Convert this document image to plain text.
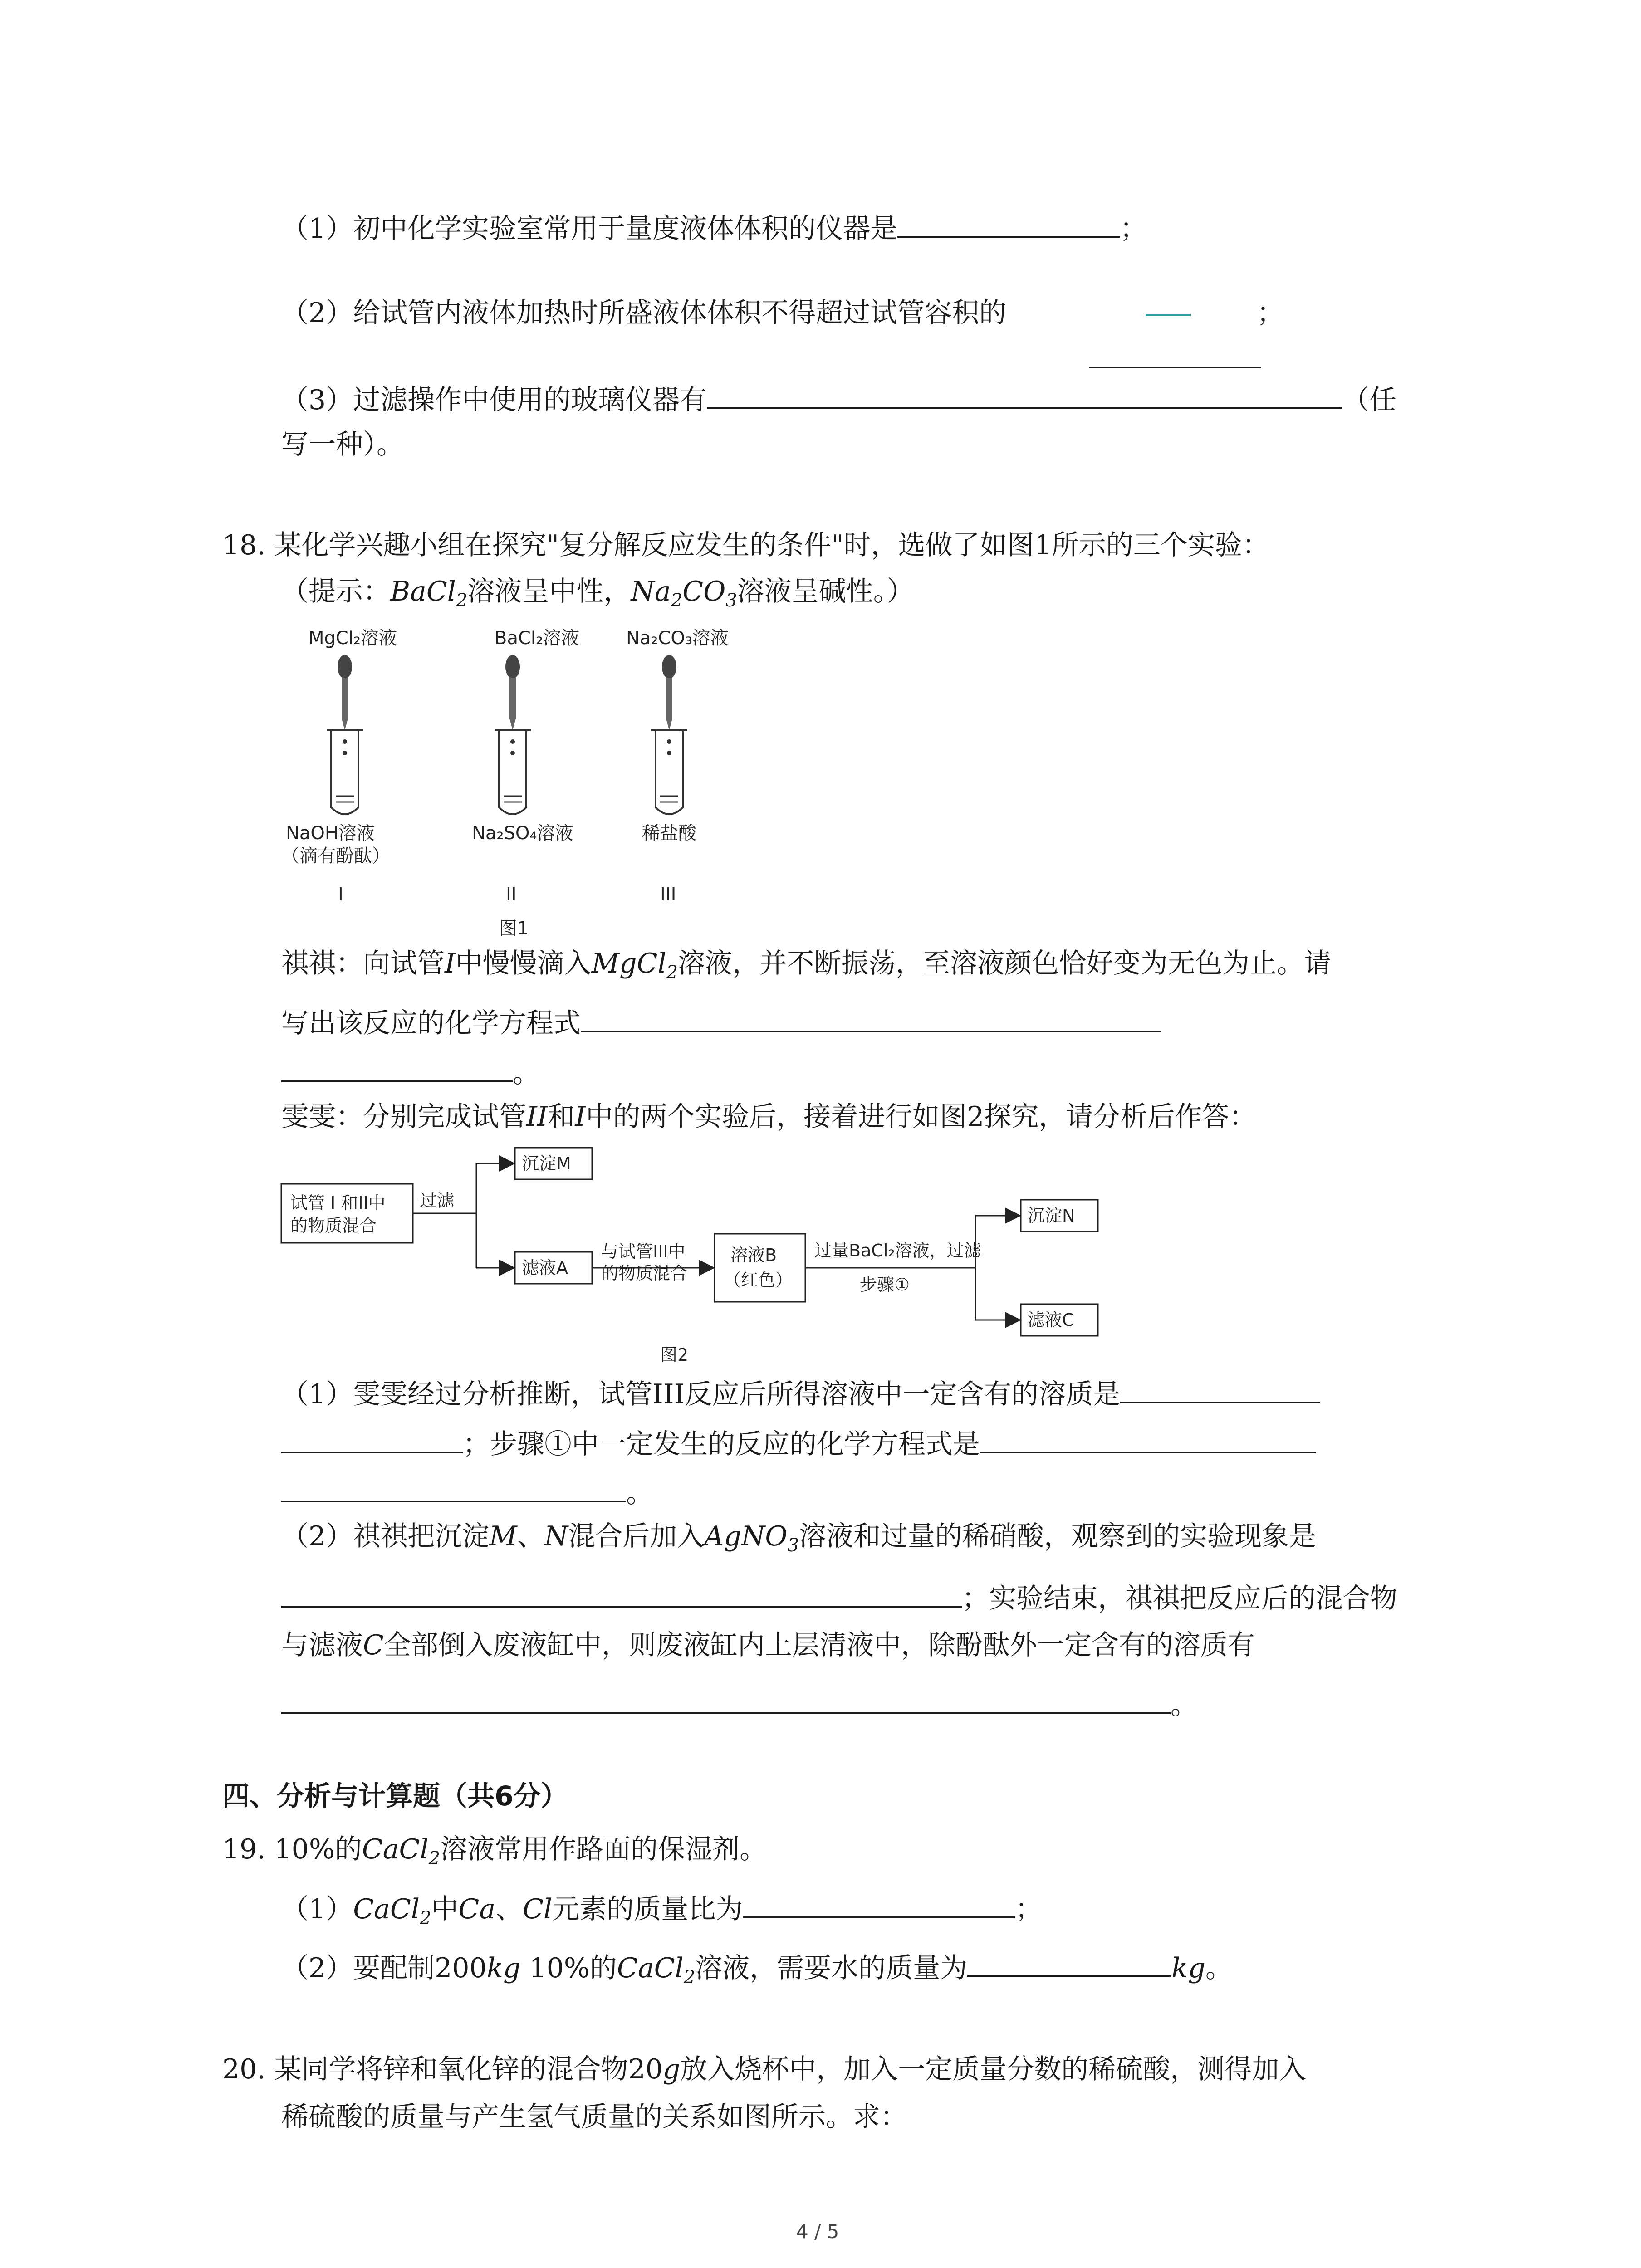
（1）初中化学实验室常用于量度液体体积的仪器是	；
（2）给试管内液体加热时所盛液体体积不得超过试管容积的	；
（3）过滤操作中使用的玻璃仪器有	（任
写一种）。
18. 某化学兴趣小组在探究"复分解反应发生的条件"时，选做了如图1所示的三个实验：
（提示：BaCl$_2$溶液呈中性，$Na_2CO_3$溶液呈碱性。）
MgCl₂溶液	BaCl₂溶液	Na₂CO₃溶液
NaOH溶液
（滴有酚酞）
Na₂SO₄溶液	稀盐酸
I	II	III
图1
祺祺：向试管I中慢慢滴入MgCl$_2$溶液，并不断振荡，至溶液颜色恰好变为无色为止。请
写出该反应的化学方程式
。
雯雯：分别完成试管II和I中的两个实验后，接着进行如图2探究，请分析后作答：
试管 I 和II中
的物质混合
过滤
沉淀M
滤液A
与试管III中
的物质混合
溶液B
（红色）
过量BaCl₂溶液，过滤
步骤①
沉淀N
滤液C
图2
（1）雯雯经过分析推断，试管III反应后所得溶液中一定含有的溶质是
；步骤①中一定发生的反应的化学方程式是
。
（2）祺祺把沉淀M、N混合后加入AgNO$_3$溶液和过量的稀硝酸，观察到的实验现象是
；实验结束，祺祺把反应后的混合物
与滤液C全部倒入废液缸中，则废液缸内上层清液中，除酚酞外一定含有的溶质有
。
四、分析与计算题（共6分）
19. 10%的CaCl$_2$溶液常用作路面的保湿剂。
（1）CaCl$_2$中Ca、Cl元素的质量比为	；
（2）要配制200kg 10%的CaCl$_2$溶液，需要水的质量为	kg。
20. 某同学将锌和氧化锌的混合物20g放入烧杯中，加入一定质量分数的稀硫酸，测得加入
稀硫酸的质量与产生氢气质量的关系如图所示。求：
4 / 5
